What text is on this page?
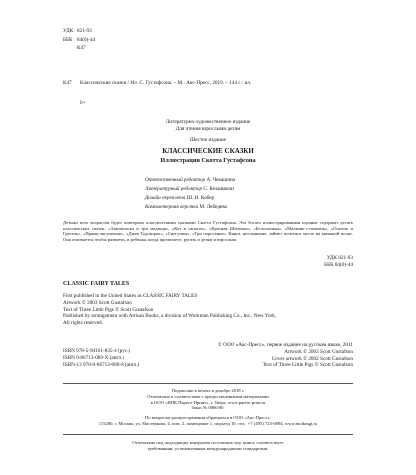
УДК 821-93
ББК 84(0)-44
К47
К47 Классические сказки / Ил. С. Густафсона. – М.: Акс-Пресс, 2019. – 144 с.: ил.
0+
Литературно-художественное издание
Для чтения взрослыми детям
Шестое издание
КЛАССИЧЕСКИЕ СКАЗКИ
Иллюстрации Скотта Густафсона
Ответственный редактор А. Чекашина
Литературный редактор С. Кезашвили
Дизайн переплета Ш. Н. Кобер
Компьютерная верстка М. Лебедева
Детьми всех возрастов будет повторено классическими сказками Скотта Густафсона. Эта богато иллюстрированная издание содержит десять классических сказок: «Златовласка и три медведя», «Кот в сапогах», «Красная Шапочка», «Белоснежка», «Мальчик-с-пальчик», «Гензель и Гретель», «Принц-лягушонок», «Джек Тодскорок», «Снегушка», «Три поросенка». Книга, несомненно, займет почетное место на книжной полке. Она отличается чтобы развлечь, и ребенка, когда прочитаете, ругать и детям и взрослым.
УДК 821-93
ББК 84(0)-44
CLASSIC FAIRY TALES
First published in the United States as CLASSIC FAIRY TALES
Artwork © 2003 Scott Gustafson
Text of Three Little Pigs © Scott Gustafson
Published by arrangement with Artisan Books, a division of Workman Publishing Co., Inc., New York,
All rights reserved.
© ООО «Акс-Пресс», первое издание на русском языке, 2011
Artwork © 2003 Scott Gustafson
Cover artwork © 2002 Scott Gustafson
Text of Three Little Pigs © Scott Gustafson
ISBN 978-5-94161-835-4 (рус.)
ISBN 0-86713-089-X (англ.)
ISBN-13 978-0-86713-089-8 (англ.)
Подписано в печать в декабре 2018 г.
Отпечатано в соответствии с предоставленными материалами
в ООО «ИПК Парето-Принт», г. Тверь, www.pareto-print.ru
Заказ № 0000/00.
По вопросам распространения обращаться в ООО «Акс-Пресс»:
115280, г. Москва, ул. Мастеркова, 4, пом. 2, помещение 1, подъезд 10, тел.: +7 (495) 723-0894, www.moiknigi.ru
Отпечатано под подходящих контролем гостовских чер. книга, соответствует
требованиям, установленным международными стандартами.
